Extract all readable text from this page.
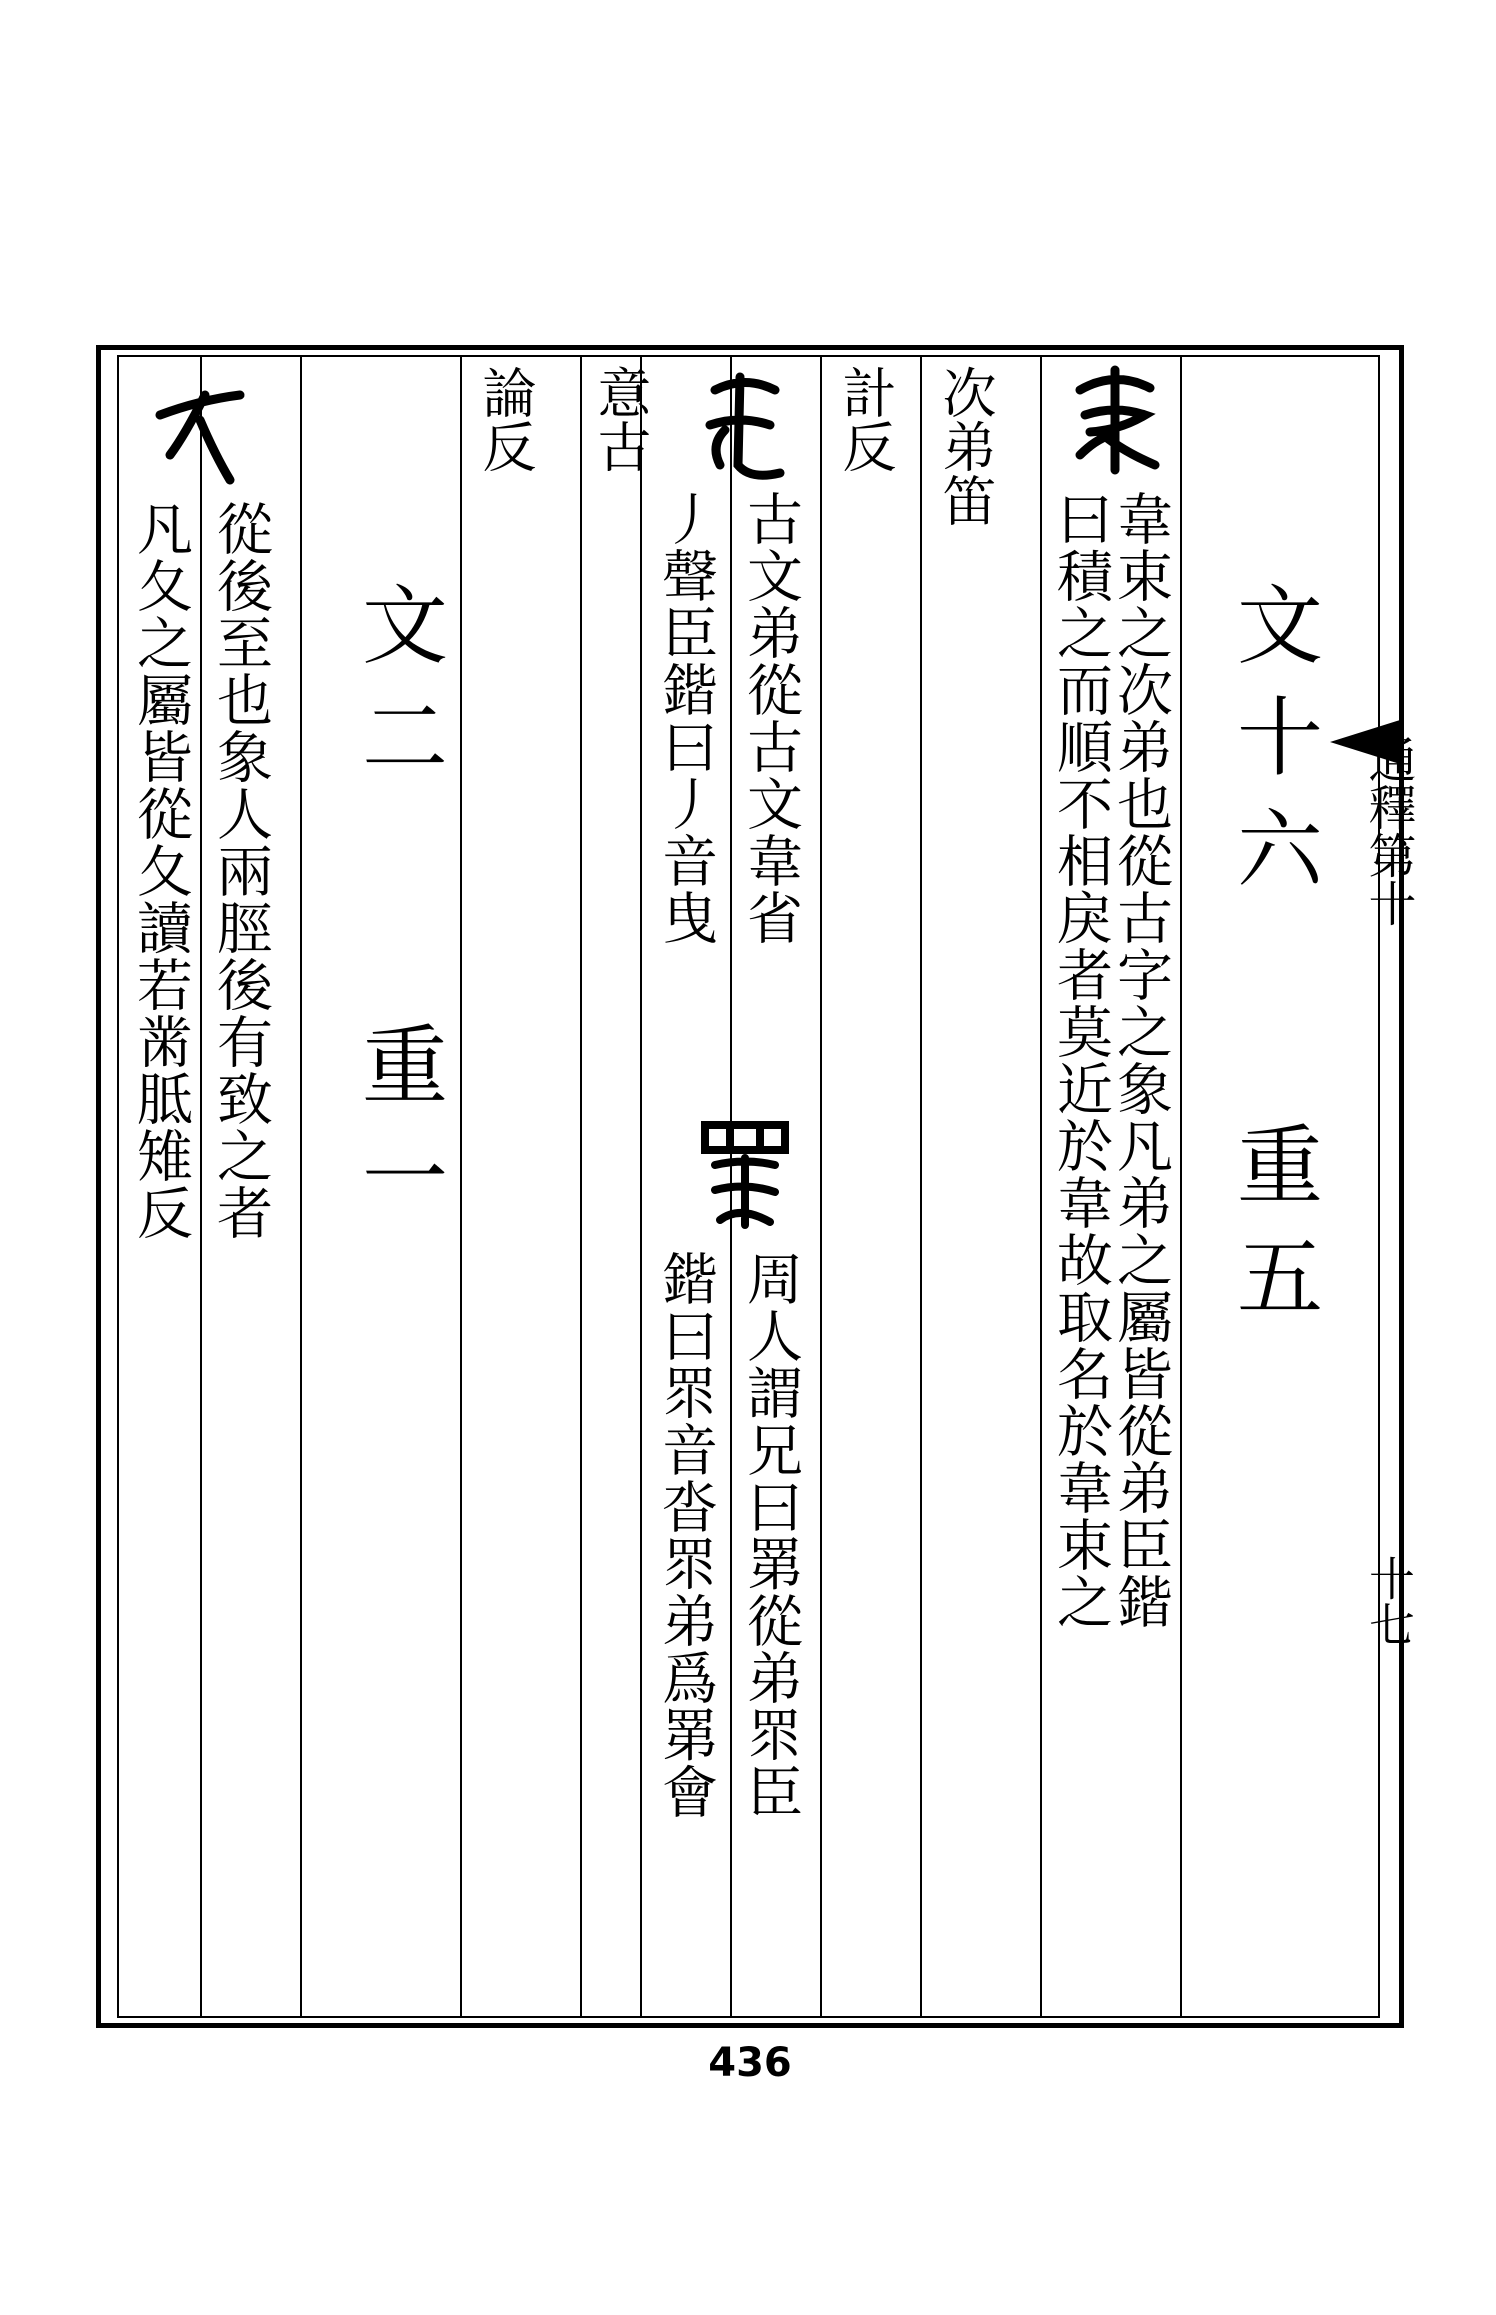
通釋第十
十七
文十六
重五
韋束之次弟也從古字之象凡弟之屬皆從弟臣鍇
曰積之而順不相戾者莫近於韋故取名於韋束之
次弟笛
計反
古文弟從古文韋省
丿聲臣鍇曰丿音曳
周人謂兄曰罤從弟眔臣
鍇曰眔音沓眔弟爲罤會
意古
論反
文二
重一
從後至也象人兩脛後有致之者
凡夂之屬皆從夂讀若黹胝雉反
436
